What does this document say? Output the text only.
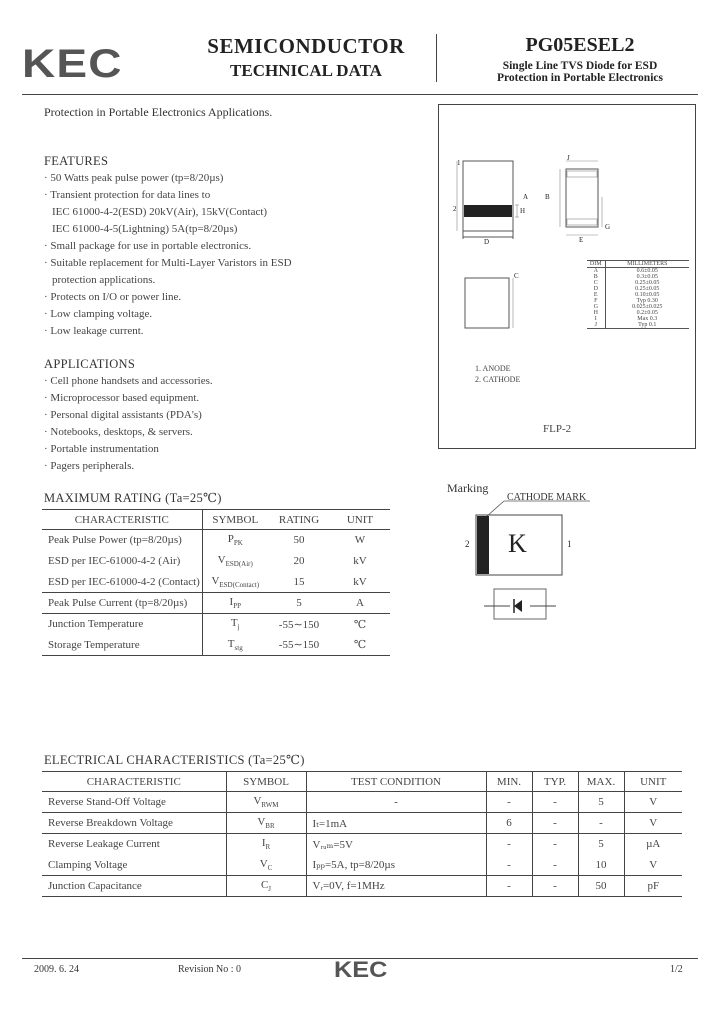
KEC	SEMICONDUCTOR
TECHNICAL DATA
PG05ESEL2
Single Line TVS Diode for ESD
Protection in Portable Electronics
Protection in Portable Electronics Applications.
FEATURES
· 50 Watts peak pulse power (tp=8/20µs)
· Transient protection for data lines to
IEC 61000-4-2(ESD) 20kV(Air), 15kV(Contact)
IEC 61000-4-5(Lightning) 5A(tp=8/20µs)
· Small package for use in portable electronics.
· Suitable replacement for Multi-Layer Varistors in ESD
protection applications.
· Protects on I/O or power line.
· Low clamping voltage.
· Low leakage current.
APPLICATIONS
· Cell phone handsets and accessories.
· Microprocessor based equipment.
· Personal digital assistants (PDA's)
· Notebooks, desktops, & servers.
· Portable instrumentation
· Pagers peripherals.
1
2
A B
C
D	E
H
G
J
1. ANODE
2. CATHODE
DIM	MILLIMETERS
A	0.6±0.05
B	0.3±0.05
C	0.25±0.05
D	0.25±0.05
E	0.10±0.05
F	Typ 0.30
G	0.025±0.025
H	0.2±0.05
I	Max 0.3
J	Typ 0.1
FLP-2
Marking
CATHODE MARK
K
2	1
MAXIMUM RATING (Ta=25℃)
CHARACTERISTIC	SYMBOL	RATING	UNIT
Peak Pulse Power (tp=8/20µs)	$P_{PK}$	50	W
ESD per IEC-61000-4-2 (Air)	$V_{ESD(Air)}$	20	kV
ESD per IEC-61000-4-2 (Contact)	$V_{ESD(Contact)}$	15	kV
Peak Pulse Current (tp=8/20µs)	$I_{PP}$	5	A
Junction Temperature	$T_j$	-55∼150	℃
Storage Temperature	$T_{stg}$	-55∼150	℃
ELECTRICAL CHARACTERISTICS (Ta=25℃)
CHARACTERISTIC	SYMBOL	TEST CONDITION	MIN.	TYP.	MAX.	UNIT
Reverse Stand-Off Voltage	$V_{RWM}$	-	-	-	5	V
Reverse Breakdown Voltage	$V_{BR}$	Iₜ=1mA	6	-	-	V
Reverse Leakage Current	$I_R$	Vᵣᵤₘ=5V	-	-	5	µA
Clamping Voltage	$V_C$	Iₚₚ=5A, tp=8/20µs	-	-	10	V
Junction Capacitance	$C_J$	Vᵣ=0V, f=1MHz	-	-	50	pF
2009. 6. 24	Revision No : 0	KEC	1/2
